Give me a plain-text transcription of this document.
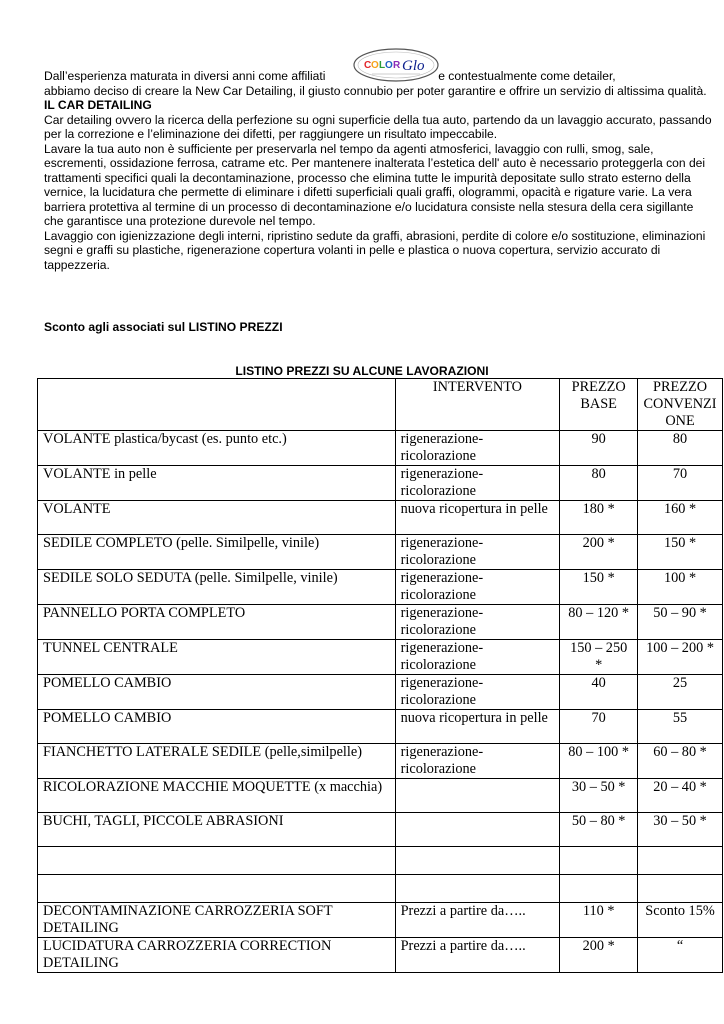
Dall’esperienza maturata in diversi anni come affiliati	e contestualmente come detailer,
C O L O R Glo

abbiamo deciso di creare la New Car Detailing, il giusto connubio per poter garantire e offrire un servizio di altissima qualità.

IL CAR DETAILING

Car detailing ovvero la ricerca della perfezione su ogni superficie della tua auto, partendo da un lavaggio accurato, passando per la correzione e l’eliminazione dei difetti, per raggiungere un risultato impeccabile.

Lavare la tua auto non è sufficiente per preservarla nel tempo da agenti atmosferici, lavaggio con rulli, smog, sale, escrementi, ossidazione ferrosa, catrame etc. Per mantenere inalterata l’estetica dell' auto è necessario proteggerla con dei trattamenti specifici quali la decontaminazione, processo che elimina tutte le impurità depositate sullo strato esterno della vernice, la lucidatura che permette di eliminare i difetti superficiali quali graffi, ologrammi, opacità e rigature varie. La vera barriera protettiva al termine di un processo di decontaminazione e/o lucidatura consiste nella stesura della cera sigillante che garantisce una protezione durevole nel tempo.

Lavaggio con igienizzazione degli interni, ripristino sedute da graffi, abrasioni, perdite di colore e/o sostituzione, eliminazioni segni e graffi su plastiche, rigenerazione copertura volanti in pelle e plastica o nuova copertura, servizio accurato di tappezzeria.

Sconto agli associati sul LISTINO PREZZI
LISTINO PREZZI SU ALCUNE LAVORAZIONI
	INTERVENTO	PREZZO BASE	PREZZO CONVENZI ONE
VOLANTE plastica/bycast (es. punto etc.)	rigenerazione-ricolorazione	90	80
VOLANTE in pelle	rigenerazione-ricolorazione	80	70
VOLANTE	nuova ricopertura in pelle	180 *	160 *
SEDILE COMPLETO (pelle. Similpelle, vinile)	rigenerazione-ricolorazione	200 *	150 *
SEDILE SOLO SEDUTA (pelle. Similpelle, vinile)	rigenerazione-ricolorazione	150 *	100 *
PANNELLO PORTA COMPLETO	rigenerazione-ricolorazione	80 – 120 *	50 – 90 *
TUNNEL CENTRALE	rigenerazione-ricolorazione	150 – 250 *	100 – 200 *
POMELLO CAMBIO	rigenerazione-ricolorazione	40	25
POMELLO CAMBIO	nuova ricopertura in pelle	70	55
FIANCHETTO LATERALE SEDILE (pelle,similpelle)	rigenerazione-ricolorazione	80 – 100 *	60 – 80 *
RICOLORAZIONE MACCHIE MOQUETTE (x macchia)		30 – 50 *	20 – 40 *
BUCHI, TAGLI, PICCOLE ABRASIONI		50 – 80 *	30 – 50 *

DECONTAMINAZIONE CARROZZERIA SOFT DETAILING	Prezzi a partire da…..	110 *	Sconto 15%
LUCIDATURA CARROZZERIA CORRECTION DETAILING	Prezzi a partire da…..	200 *	“
